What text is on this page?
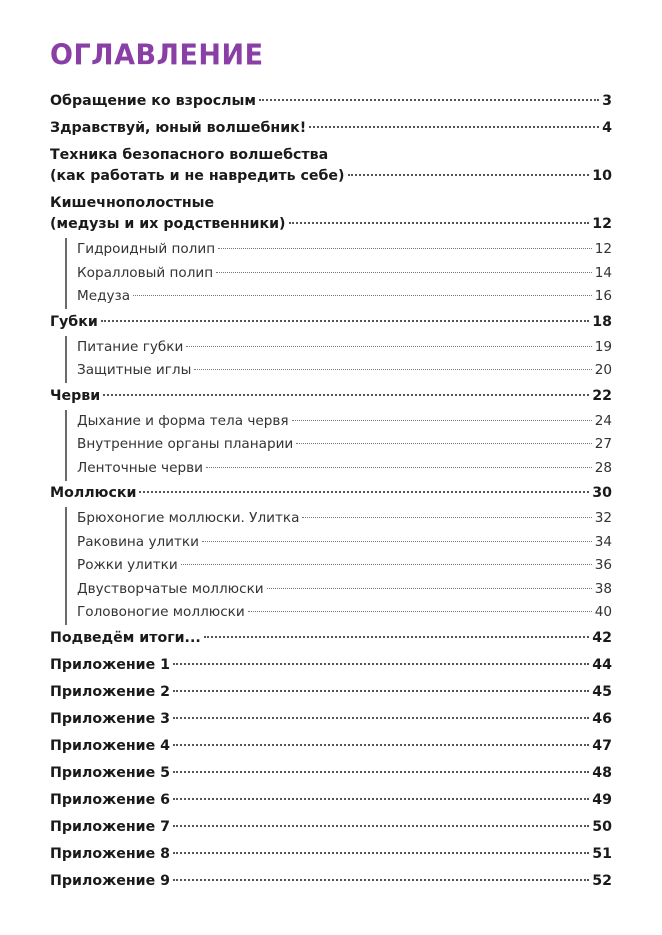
ОГЛАВЛЕНИЕ
Обращение ко взрослым	3
Здравствуй, юный волшебник!	4
Техника безопасного волшебства
(как работать и не навредить себе)	10
Кишечнополостные
(медузы и их родственники)	12
Гидроидный полип	12
Коралловый полип	14
Медуза	16
Губки	18
Питание губки	19
Защитные иглы	20
Черви	22
Дыхание и форма тела червя	24
Внутренние органы планарии	27
Ленточные черви	28
Моллюски	30
Брюхоногие моллюски. Улитка	32
Раковина улитки	34
Рожки улитки	36
Двустворчатые моллюски	38
Головоногие моллюски	40
Подведём итоги...	42
Приложение 1	44
Приложение 2	45
Приложение 3	46
Приложение 4	47
Приложение 5	48
Приложение 6	49
Приложение 7	50
Приложение 8	51
Приложение 9	52
